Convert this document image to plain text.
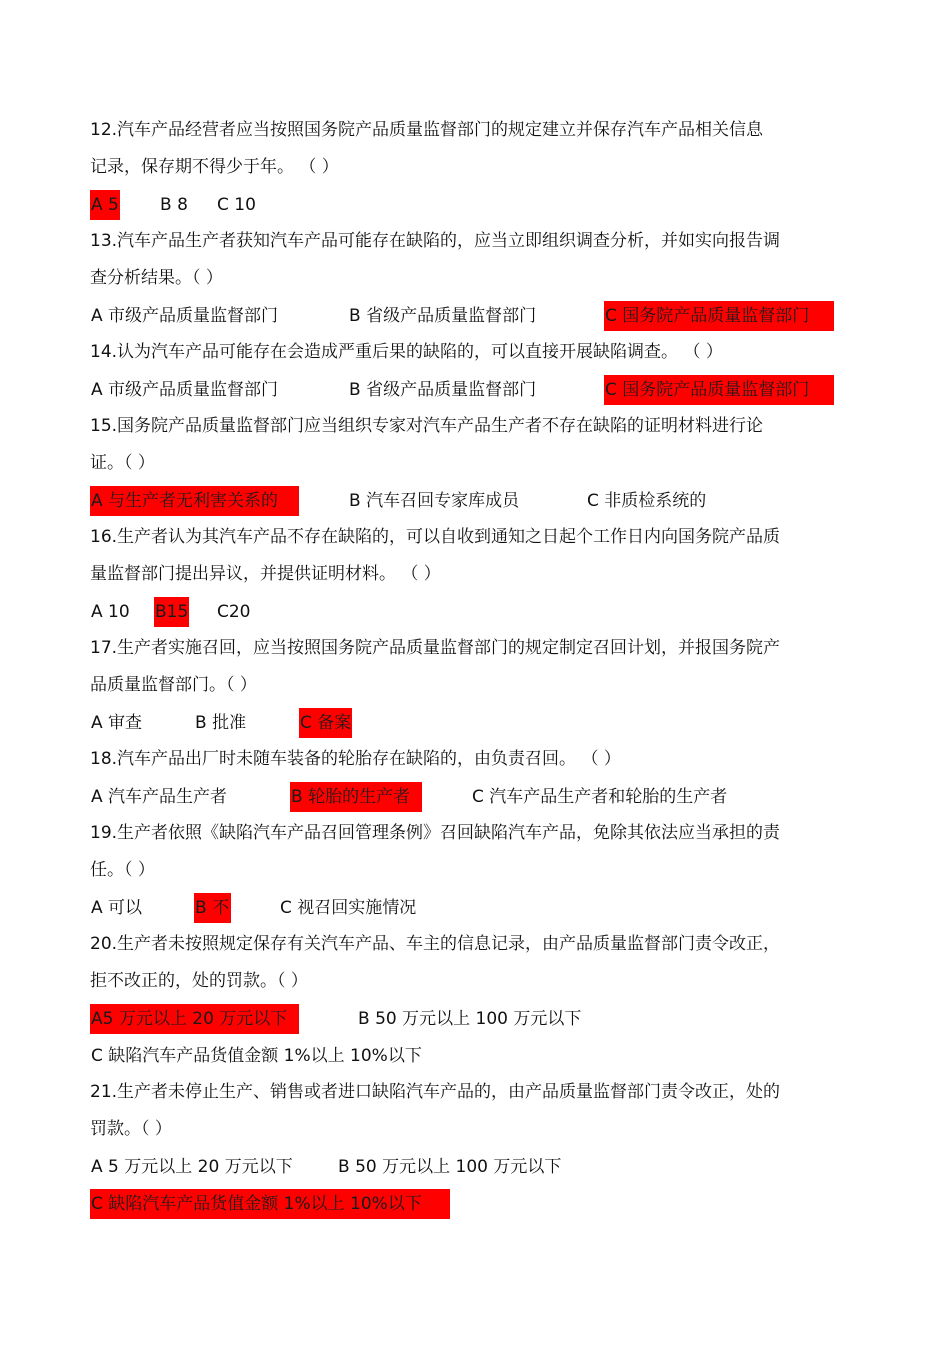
12.汽车产品经营者应当按照国务院产品质量监督部门的规定建立并保存汽车产品相关信息
记录，保存期不得少于年。 （ ）
A 5 B 8 C 10
13.汽车产品生产者获知汽车产品可能存在缺陷的，应当立即组织调查分析，并如实向报告调
查分析结果。（ ）
A 市级产品质量监督部门	B 省级产品质量监督部门	C 国务院产品质量监督部门
14.认为汽车产品可能存在会造成严重后果的缺陷的，可以直接开展缺陷调查。 （ ）
A 市级产品质量监督部门	B 省级产品质量监督部门	C 国务院产品质量监督部门
15.国务院产品质量监督部门应当组织专家对汽车产品生产者不存在缺陷的证明材料进行论
证。（ ）
A 与生产者无利害关系的	B 汽车召回专家库成员	C 非质检系统的
16.生产者认为其汽车产品不存在缺陷的，可以自收到通知之日起个工作日内向国务院产品质
量监督部门提出异议，并提供证明材料。 （ ）
A 10 B15 C20
17.生产者实施召回，应当按照国务院产品质量监督部门的规定制定召回计划，并报国务院产
品质量监督部门。（ ）
A 审查	B 批准	C 备案
18.汽车产品出厂时未随车装备的轮胎存在缺陷的，由负责召回。 （ ）
A 汽车产品生产者	B 轮胎的生产者	C 汽车产品生产者和轮胎的生产者
19.生产者依照《缺陷汽车产品召回管理条例》召回缺陷汽车产品，免除其依法应当承担的责
任。（ ）
A 可以	B 不	C 视召回实施情况
20.生产者未按照规定保存有关汽车产品、车主的信息记录，由产品质量监督部门责令改正，
拒不改正的，处的罚款。（ ）
A5 万元以上 20 万元以下	B 50 万元以上 100 万元以下
C 缺陷汽车产品货值金额 1%以上 10%以下
21.生产者未停止生产、销售或者进口缺陷汽车产品的，由产品质量监督部门责令改正，处的
罚款。（ ）
A 5 万元以上 20 万元以下	B 50 万元以上 100 万元以下
C 缺陷汽车产品货值金额 1%以上 10%以下
